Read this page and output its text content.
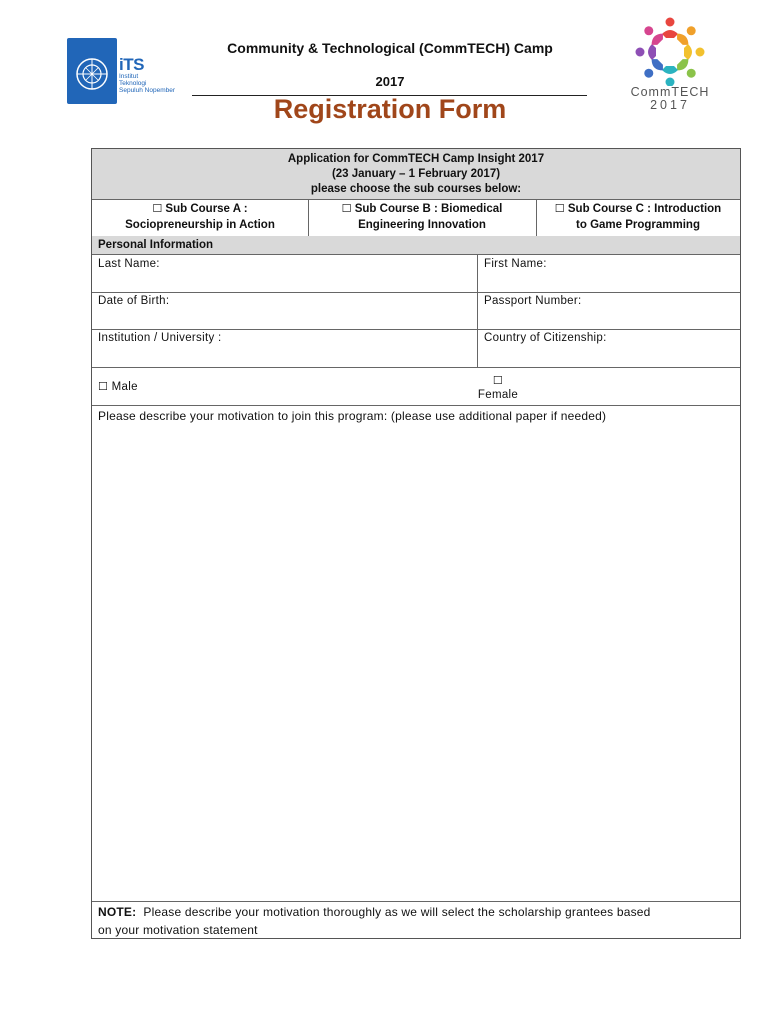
iTS
Institut
Teknologi
Sepuluh Nopember
Community & Technological (CommTECH) Camp
2017
Registration Form
CommTECH
2017
Application for CommTECH Camp Insight 2017
(23 January – 1 February 2017)
please choose the sub courses below:
☐ Sub Course A :
Sociopreneurship in Action
☐ Sub Course B : Biomedical
Engineering Innovation
☐ Sub Course C : Introduction
to Game Programming
Personal Information
Last Name:	First Name:
Date of Birth:	Passport Number:
Institution / University :	Country of Citizenship:
☐ Male	☐
Female
Please describe your motivation to join this program: (please use additional paper if needed)
NOTE: Please describe your motivation thoroughly as we will select the scholarship grantees based
on your motivation statement
